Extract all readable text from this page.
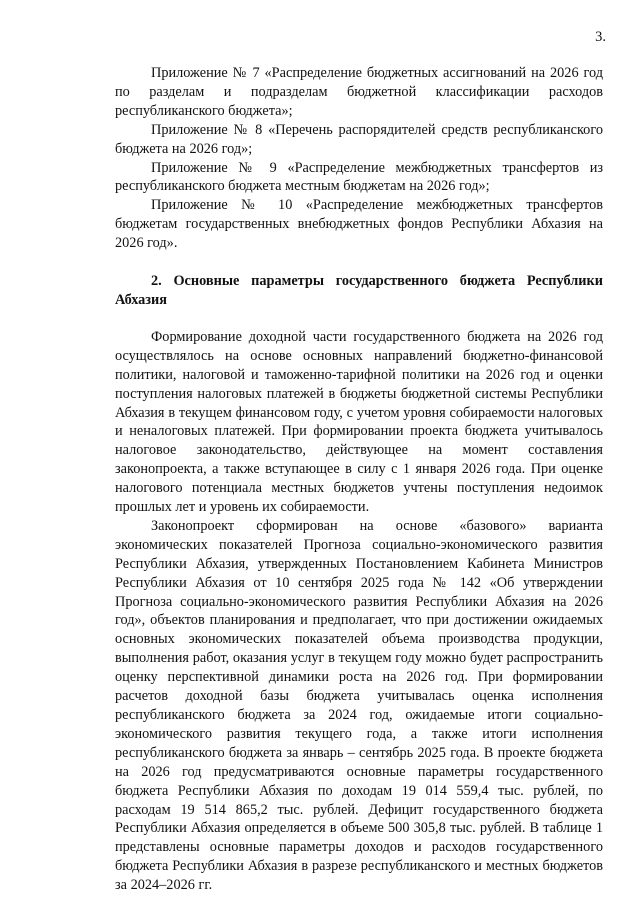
3.

Приложение № 7 «Распределение бюджетных ассигнований на 2026 год по разделам и подразделам бюджетной классификации расходов республиканского бюджета»;

Приложение № 8 «Перечень распорядителей средств республиканского бюджета на 2026 год»;

Приложение № 9 «Распределение межбюджетных трансфертов из республиканского бюджета местным бюджетам на 2026 год»;

Приложение № 10 «Распределение межбюджетных трансфертов бюджетам государственных внебюджетных фондов Республики Абхазия на 2026 год».

2. Основные параметры государственного бюджета Республики Абхазия

Формирование доходной части государственного бюджета на 2026 год осуществлялось на основе основных направлений бюджетно-финансовой политики, налоговой и таможенно-тарифной политики на 2026 год и оценки поступления налоговых платежей в бюджеты бюджетной системы Республики Абхазия в текущем финансовом году, с учетом уровня собираемости налоговых и неналоговых платежей. При формировании проекта бюджета учитывалось налоговое законодательство, действующее на момент составления законопроекта, а также вступающее в силу с 1 января 2026 года. При оценке налогового потенциала местных бюджетов учтены поступления недоимок прошлых лет и уровень их собираемости.

Законопроект сформирован на основе «базового» варианта экономических показателей Прогноза социально-экономического развития Республики Абхазия, утвержденных Постановлением Кабинета Министров Республики Абхазия от 10 сентября 2025 года № 142 «Об утверждении Прогноза социально-экономического развития Республики Абхазия на 2026 год», объектов планирования и предполагает, что при достижении ожидаемых основных экономических показателей объема производства продукции, выполнения работ, оказания услуг в текущем году можно будет распространить оценку перспективной динамики роста на 2026 год. При формировании расчетов доходной базы бюджета учитывалась оценка исполнения республиканского бюджета за 2024 год, ожидаемые итоги социально-экономического развития текущего года, а также итоги исполнения республиканского бюджета за январь – сентябрь 2025 года. В проекте бюджета на 2026 год предусматриваются основные параметры государственного бюджета Республики Абхазия по доходам 19 014 559,4 тыс. рублей, по расходам 19 514 865,2 тыс. рублей. Дефицит государственного бюджета Республики Абхазия определяется в объеме 500 305,8 тыс. рублей. В таблице 1 представлены основные параметры доходов и расходов государственного бюджета Республики Абхазия в разрезе республиканского и местных бюджетов за 2024–2026 гг.
